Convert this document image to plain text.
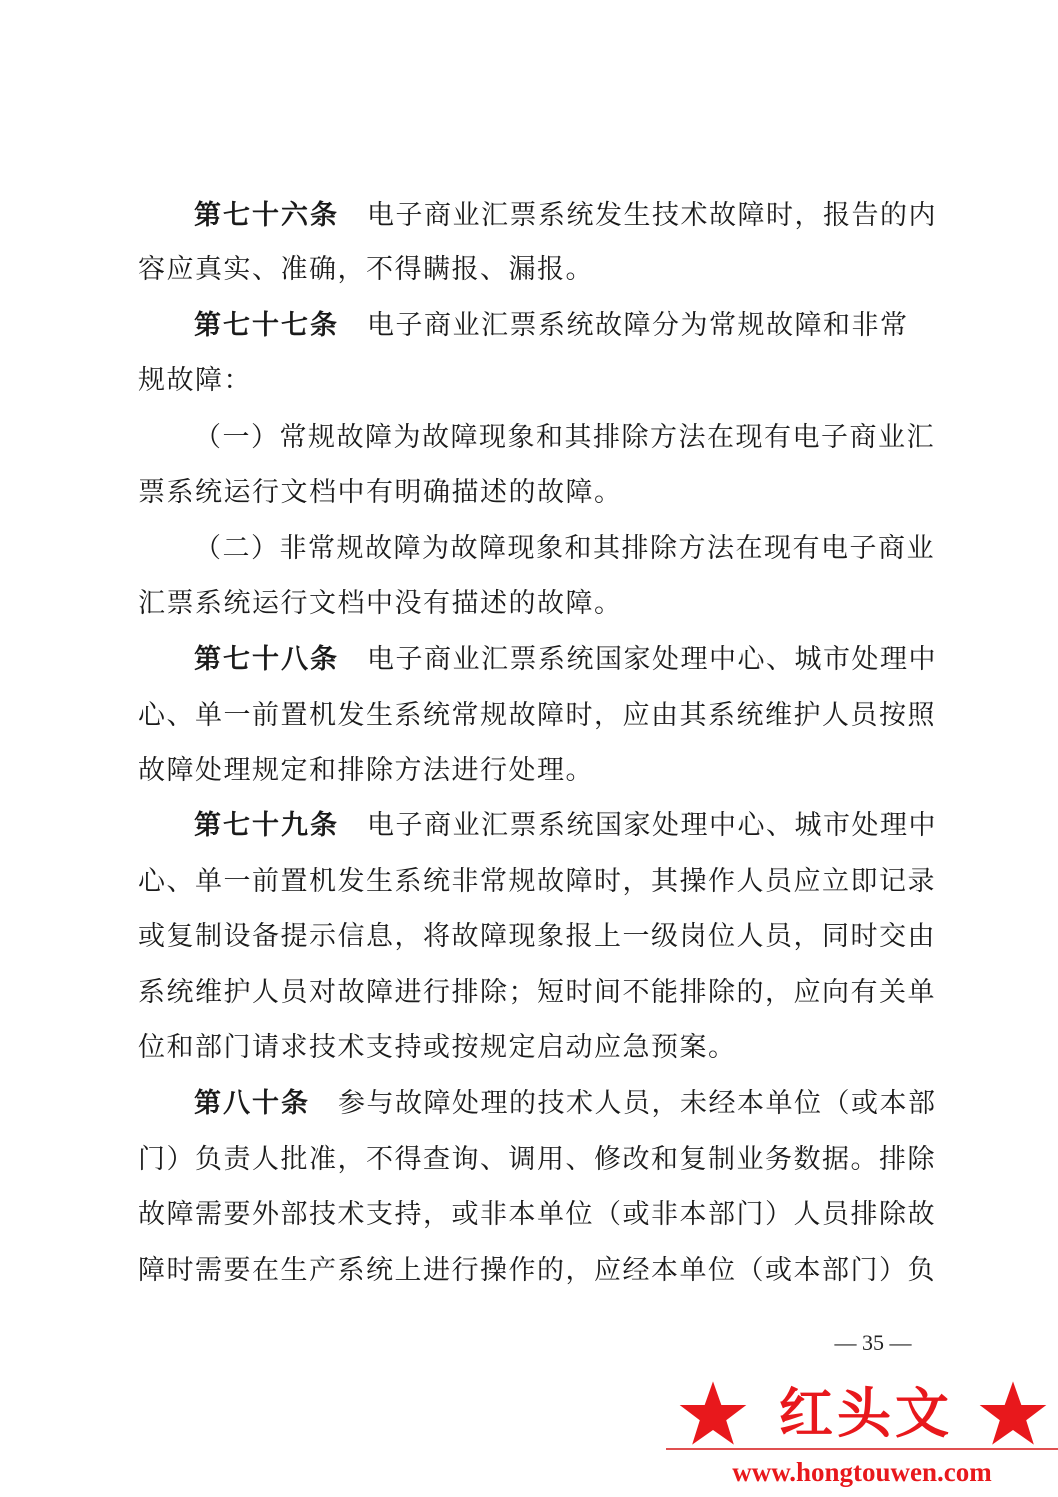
第七十六条 电子商业汇票系统发生技术故障时，报告的内
容应真实、准确，不得瞒报、漏报。
第七十七条 电子商业汇票系统故障分为常规故障和非常
规故障：
（一）常规故障为故障现象和其排除方法在现有电子商业汇
票系统运行文档中有明确描述的故障。
（二）非常规故障为故障现象和其排除方法在现有电子商业
汇票系统运行文档中没有描述的故障。
第七十八条 电子商业汇票系统国家处理中心、城市处理中
心、单一前置机发生系统常规故障时，应由其系统维护人员按照
故障处理规定和排除方法进行处理。
第七十九条 电子商业汇票系统国家处理中心、城市处理中
心、单一前置机发生系统非常规故障时，其操作人员应立即记录
或复制设备提示信息，将故障现象报上一级岗位人员，同时交由
系统维护人员对故障进行排除；短时间不能排除的，应向有关单
位和部门请求技术支持或按规定启动应急预案。
第八十条 参与故障处理的技术人员，未经本单位（或本部
门）负责人批准，不得查询、调用、修改和复制业务数据。排除
故障需要外部技术支持，或非本单位（或非本部门）人员排除故
障时需要在生产系统上进行操作的，应经本单位（或本部门）负
— 35 —
红头文
www.hongtouwen.com
